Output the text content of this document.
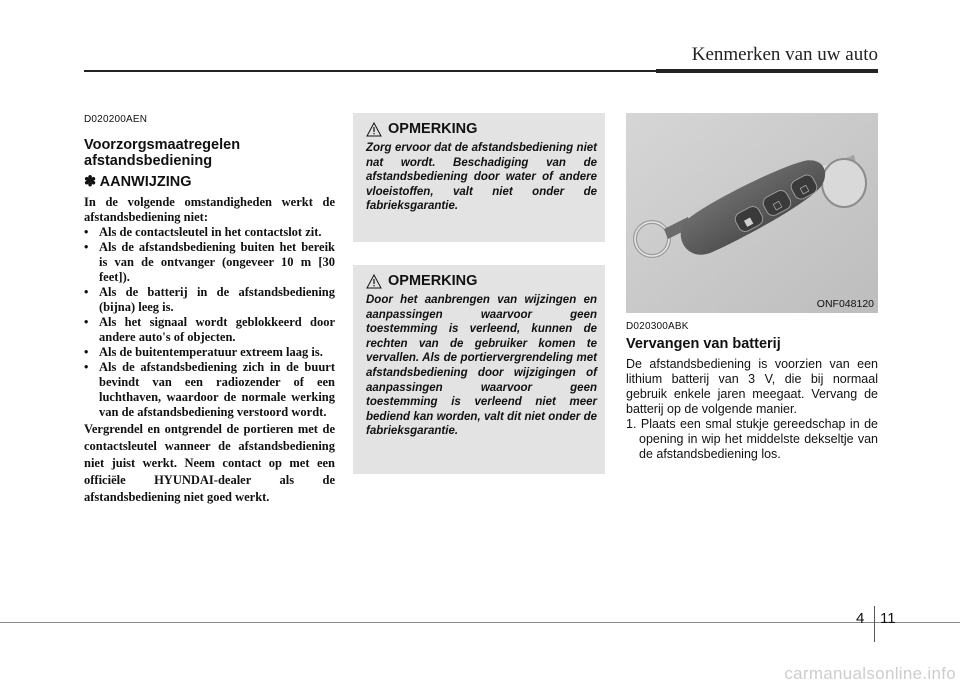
Kenmerken van uw auto
D020200AEN
Voorzorgsmaatregelen afstandsbediening
✽ AANWIJZING

In de volgende omstandigheden werkt de afstandsbediening niet:

• Als de contactsleutel in het contactslot zit.
• Als de afstandsbediening buiten het bereik is van de ontvanger (ongeveer 10 m [30 feet]).
• Als de batterij in de afstandsbediening (bijna) leeg is.
• Als het signaal wordt geblokkeerd door andere auto's of objecten.
• Als de buitentemperatuur extreem laag is.
• Als de afstandsbediening zich in de buurt bevindt van een radiozender of een luchthaven, waardoor de normale werking van de afstandsbediening verstoord wordt.

Vergrendel en ontgrendel de portieren met de contactsleutel wanneer de afstandsbediening niet juist werkt. Neem contact op met een officiële HYUNDAI-dealer als de afstandsbediening niet goed werkt.

OPMERKING

Zorg ervoor dat de afstandsbediening niet nat wordt. Beschadiging van de afstandsbediening door water of andere vloeistoffen, valt niet onder de fabrieksgarantie.

OPMERKING

Door het aanbrengen van wijzingen en aanpassingen waarvoor geen toestemming is verleend, kunnen de rechten van de gebruiker komen te vervallen. Als de portiervergrendeling met afstandsbediening door wijzigingen of aanpassingen waarvoor geen toestemming is verleend niet meer bediend kan worden, valt dit niet onder de fabrieksgarantie.

■
□
□
ONF048120
D020300ABK
Vervangen van batterij

De afstandsbediening is voorzien van een lithium batterij van 3 V, die bij normaal gebruik enkele jaren meegaat. Vervang de batterij op de volgende manier.

1. Plaats een smal stukje gereedschap in de opening in wip het middelste dekseltje van de afstandsbediening los.

4 11
carmanualsonline.info
